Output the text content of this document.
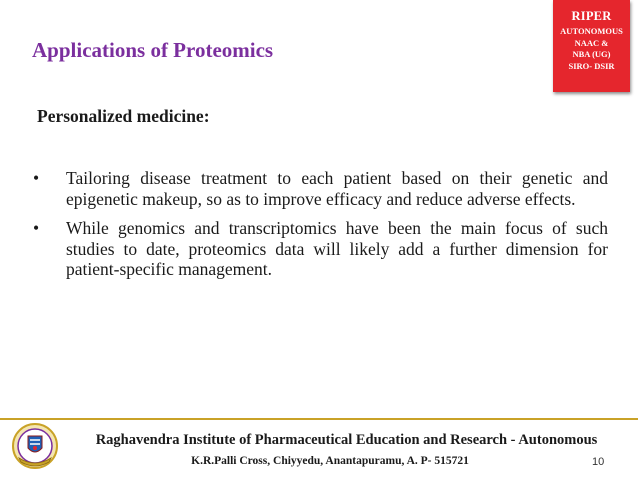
Applications of Proteomics
RIPER
AUTONOMOUS
NAAC &
NBA (UG)
SIRO- DSIR
Personalized medicine:
• Tailoring disease treatment to each patient based on their genetic and epigenetic makeup, so as to improve efficacy and reduce adverse effects.
• While genomics and transcriptomics have been the main focus of such studies to date, proteomics data will likely add a further dimension for patient-specific management.
Raghavendra Institute of Pharmaceutical Education and Research - Autonomous
K.R.Palli Cross, Chiyyedu, Anantapuramu, A. P- 515721	10
